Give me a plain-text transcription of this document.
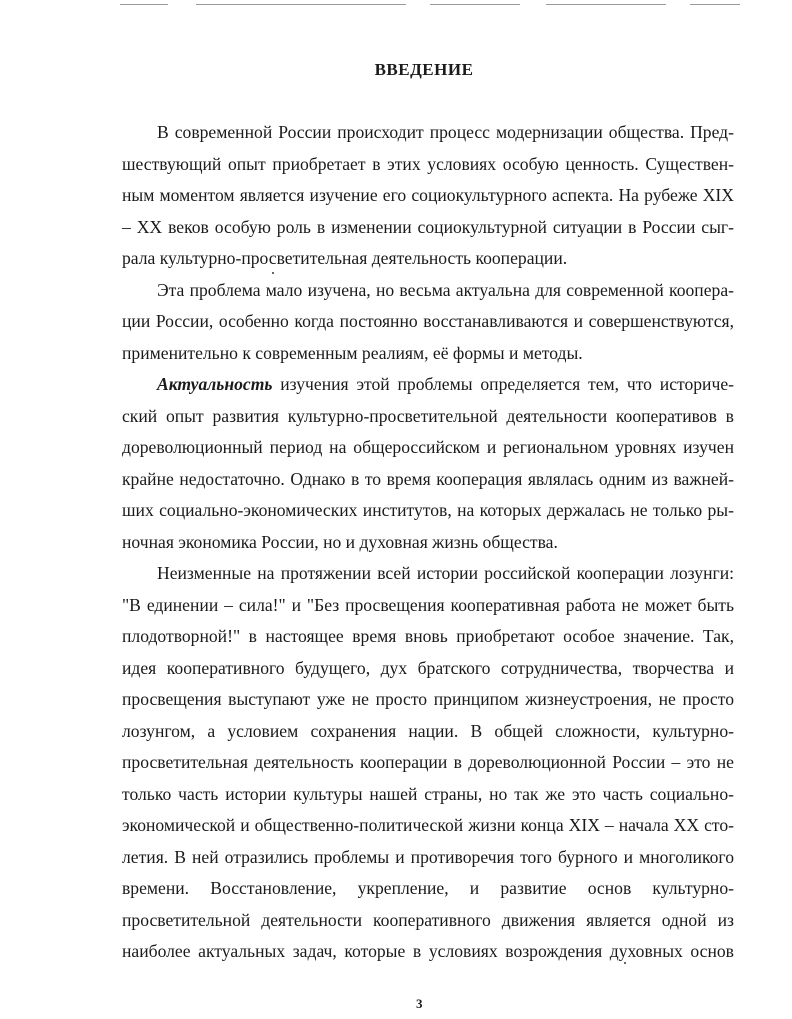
ВВЕДЕНИЕ
В современной России происходит процесс модернизации общества. Пред-
шествующий опыт приобретает в этих условиях особую ценность. Существен-
ным моментом является изучение его социокультурного аспекта. На рубеже XIX
– XX веков особую роль в изменении социокультурной ситуации в России сыг-
рала культурно-просветительная деятельность кооперации.
Эта проблема мало изучена, но весьма актуальна для современной коопера-
ции России, особенно когда постоянно восстанавливаются и совершенствуются,
применительно к современным реалиям, её формы и методы.
Актуальность изучения этой проблемы определяется тем, что историче-
ский опыт развития культурно-просветительной деятельности кооперативов в
дореволюционный период на общероссийском и региональном уровнях изучен
крайне недостаточно. Однако в то время кооперация являлась одним из важней-
ших социально-экономических институтов, на которых держалась не только ры-
ночная экономика России, но и духовная жизнь общества.
Неизменные на протяжении всей истории российской кооперации лозунги:
"В единении – сила!" и "Без просвещения кооперативная работа не может быть
плодотворной!" в настоящее время вновь приобретают особое значение. Так,
идея кооперативного будущего, дух братского сотрудничества, творчества и
просвещения выступают уже не просто принципом жизнеустроения, не просто
лозунгом, а условием сохранения нации. В общей сложности, культурно-
просветительная деятельность кооперации в дореволюционной России – это не
только часть истории культуры нашей страны, но так же это часть социально-
экономической и общественно-политической жизни конца XIX – начала XX сто-
летия. В ней отразились проблемы и противоречия того бурного и многоликого
времени. Восстановление, укрепление, и развитие основ культурно-
просветительной деятельности кооперативного движения является одной из
наиболее актуальных задач, которые в условиях возрождения духовных основ
3
